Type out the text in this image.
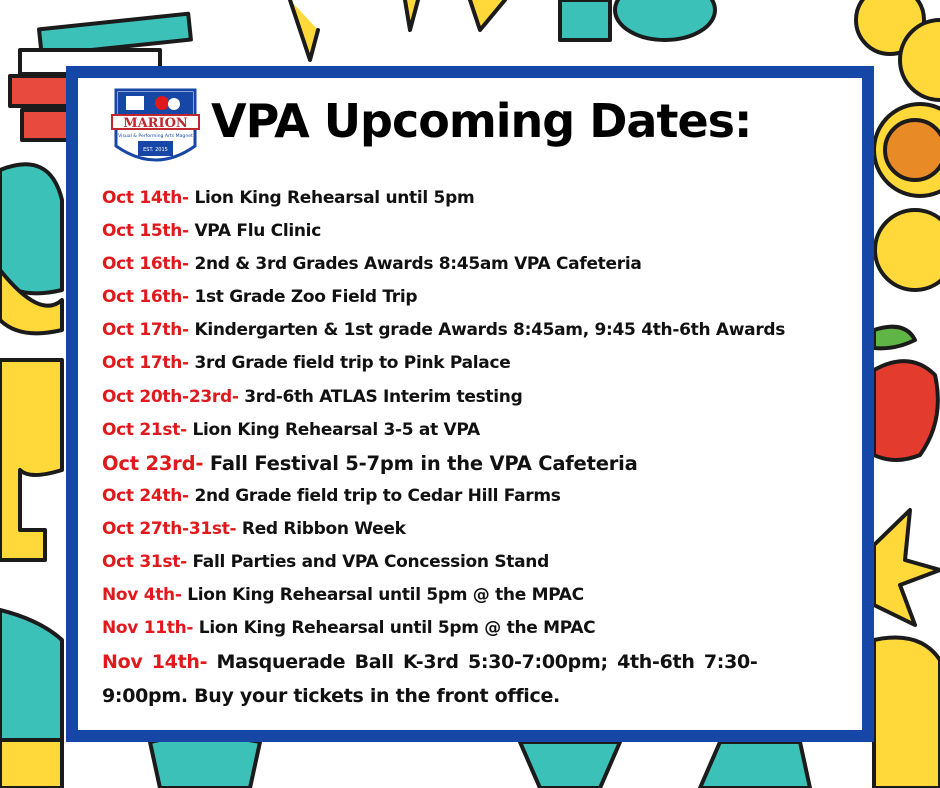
MARION
Visual & Performing Arts Magnet
EST. 2015
VPA Upcoming Dates:
Oct 14th- Lion King Rehearsal until 5pm
Oct 15th- VPA Flu Clinic
Oct 16th- 2nd & 3rd Grades Awards 8:45am VPA Cafeteria
Oct 16th- 1st Grade Zoo Field Trip
Oct 17th- Kindergarten & 1st grade Awards 8:45am, 9:45 4th-6th Awards
Oct 17th- 3rd Grade field trip to Pink Palace
Oct 20th-23rd- 3rd-6th ATLAS Interim testing
Oct 21st- Lion King Rehearsal 3-5 at VPA
Oct 23rd- Fall Festival 5-7pm in the VPA Cafeteria
Oct 24th- 2nd Grade field trip to Cedar Hill Farms
Oct 27th-31st- Red Ribbon Week
Oct 31st- Fall Parties and VPA Concession Stand
Nov 4th- Lion King Rehearsal until 5pm @ the MPAC
Nov 11th- Lion King Rehearsal until 5pm @ the MPAC
Nov 14th- Masquerade Ball K-3rd 5:30-7:00pm; 4th-6th 7:30-
9:00pm. Buy your tickets in the front office.
